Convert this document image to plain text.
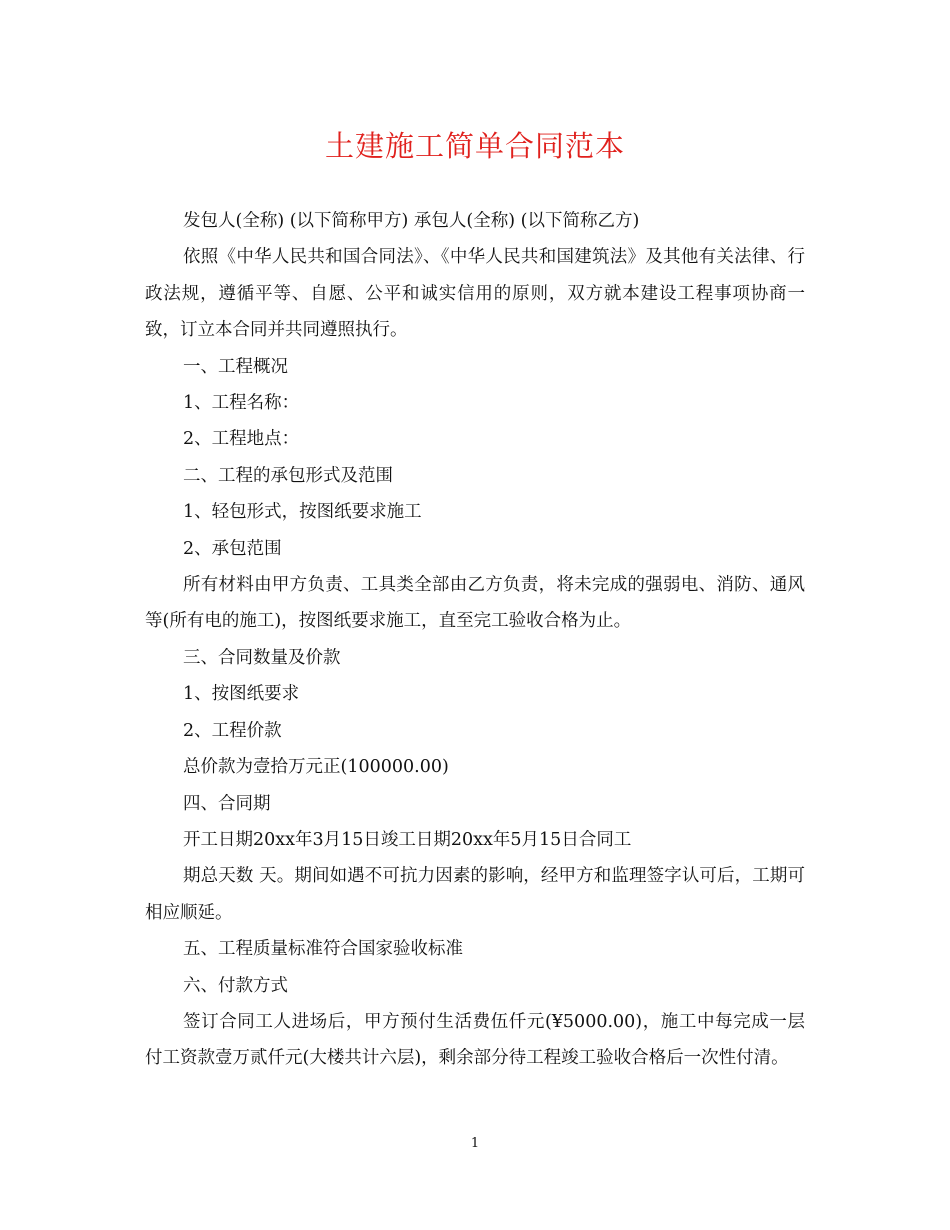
土建施工简单合同范本

发包人(全称) (以下简称甲方) 承包人(全称) (以下简称乙方)

依照《中华人民共和国合同法》、《中华人民共和国建筑法》及其他有关法律、行政法规，遵循平等、自愿、公平和诚实信用的原则，双方就本建设工程事项协商一致，订立本合同并共同遵照执行。

一、工程概况

1、工程名称：

2、工程地点：

二、工程的承包形式及范围

1、轻包形式，按图纸要求施工

2、承包范围

所有材料由甲方负责、工具类全部由乙方负责，将未完成的强弱电、消防、通风等(所有电的施工)，按图纸要求施工，直至完工验收合格为止。

三、合同数量及价款

1、按图纸要求

2、工程价款

总价款为壹拾万元正(100000.00)

四、合同期

开工日期20xx年3月15日竣工日期20xx年5月15日合同工

期总天数 天。期间如遇不可抗力因素的影响，经甲方和监理签字认可后，工期可相应顺延。

五、工程质量标准符合国家验收标准

六、付款方式

签订合同工人进场后，甲方预付生活费伍仟元(¥5000.00)，施工中每完成一层付工资款壹万贰仟元(大楼共计六层)，剩余部分待工程竣工验收合格后一次性付清。

1
